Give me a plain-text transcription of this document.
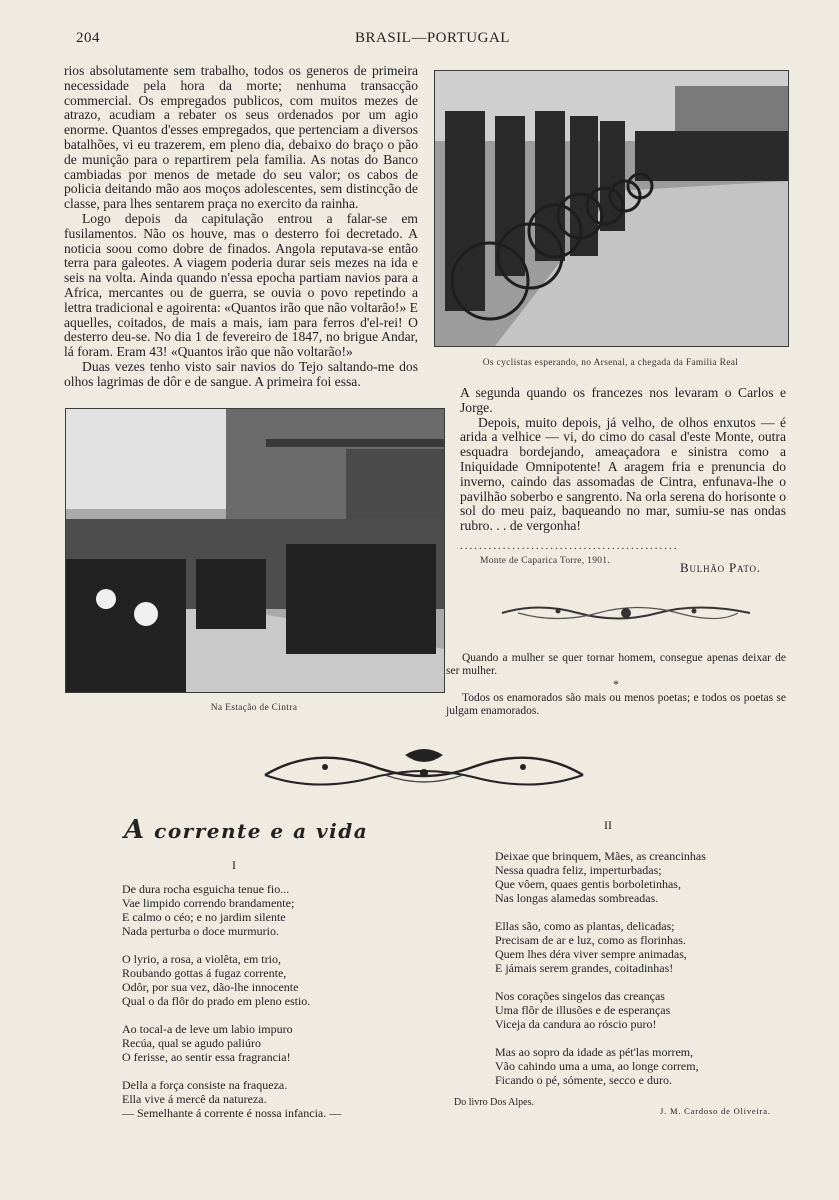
204	BRASIL—PORTUGAL

rios absolutamente sem trabalho, todos os generos de primeira necessidade pela hora da morte; nenhuma transacção commercial. Os empregados publicos, com muitos mezes de atrazo, acudiam a rebater os seus ordenados por um agio enorme. Quantos d'esses empregados, que pertenciam a diversos batalhões, vi eu trazerem, em pleno dia, debaixo do braço o pão de munição para o repartirem pela familia. As notas do Banco cambiadas por menos de metade do seu valor; os cabos de policia deitando mão aos moços adolescentes, sem distincção de classe, para lhes sentarem praça no exercito da rainha.

Logo depois da capitulação entrou a falar-se em fusilamentos. Não os houve, mas o desterro foi decretado. A noticia soou como dobre de finados. Angola reputava-se então terra para galeotes. A viagem poderia durar seis mezes na ida e seis na volta. Ainda quando n'essa epocha partiam navios para a Africa, mercantes ou de guerra, se ouvia o povo repetindo a lettra tradicional e agoirenta: «Quantos irão que não voltarão!» E aquelles, coitados, de mais a mais, iam para ferros d'el-rei! O desterro deu-se. No dia 1 de fevereiro de 1847, no brigue Andar, lá foram. Eram 43! «Quantos irão que não voltarão!»

Duas vezes tenho visto sair navios do Tejo saltando-me dos olhos lagrimas de dôr e de sangue. A primeira foi essa.

Os cyclistas esperando, no Arsenal, a chegada da Familia Real

A segunda quando os francezes nos levaram o Carlos e Jorge.

Depois, muito depois, já velho, de olhos enxutos — é arida a velhice — vi, do cimo do casal d'este Monte, outra esquadra bordejando, ameaçadora e sinistra como a Iniquidade Omnipotente! A aragem fria e prenuncia do inverno, caindo das assomadas de Cintra, enfunava-lhe o pavilhão soberbo e sangrento. Na orla serena do horisonte o sol do meu paiz, baqueando no mar, sumiu-se nas ondas rubro. . . de vergonha!

..............................................
Monte de Caparica Torre, 1901.	Bulhão Pato.

Quando a mulher se quer tornar homem, consegue apenas deixar de ser mulher.

*

Todos os enamorados são mais ou menos poetas; e todos os poetas se julgam enamorados.

Na Estação de Cintra
A corrente e a vida
I
De dura rocha esguicha tenue fio...
Vae limpido correndo brandamente;
E calmo o céo; e no jardim silente
Nada perturba o doce murmurio.
O lyrio, a rosa, a violêta, em trio,
Roubando gottas á fugaz corrente,
Odôr, por sua vez, dão-lhe innocente
Qual o da flôr do prado em pleno estio.
Ao tocal-a de leve um labio impuro
Recúa, qual se agudo paliúro
O ferisse, ao sentir essa fragrancia!
Della a força consiste na fraqueza.
Ella vive á mercê da natureza.
— Semelhante á corrente é nossa infancia. —
II
Deixae que brinquem, Mães, as creancinhas
Nessa quadra feliz, imperturbadas;
Que vôem, quaes gentis borboletinhas,
Nas longas alamedas sombreadas.
Ellas são, como as plantas, delicadas;
Precisam de ar e luz, como as florinhas.
Quem lhes déra viver sempre animadas,
E jámais serem grandes, coitadinhas!
Nos corações singelos das creanças
Uma flôr de illusões e de esperanças
Viceja da candura ao róscio puro!
Mas ao sopro da idade as pét'las morrem,
Vão cahindo uma a uma, ao longe correm,
Ficando o pé, sómente, secco e duro.
Do livro Dos Alpes.
J. M. Cardoso de Oliveira.
